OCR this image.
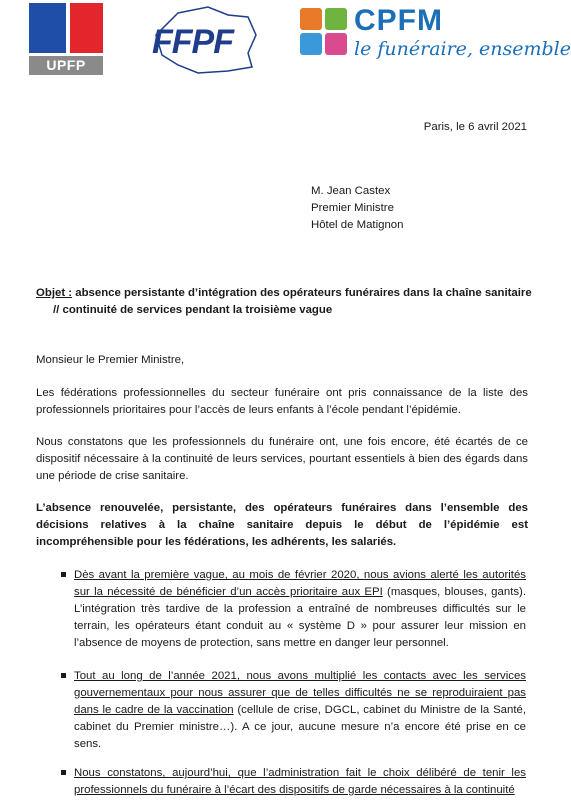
UPFP
FFPF
CPFM
le funéraire, ensemble

Paris, le 6 avril 2021

M. Jean Castex
Premier Ministre
Hôtel de Matignon
Objet : absence persistante d’intégration des opérateurs funéraires dans la chaîne sanitaire
// continuité de services pendant la troisième vague

Monsieur le Premier Ministre,

Les fédérations professionnelles du secteur funéraire ont pris connaissance de la liste des professionnels prioritaires pour l’accès de leurs enfants à l’école pendant l’épidémie.

Nous constatons que les professionnels du funéraire ont, une fois encore, été écartés de ce dispositif nécessaire à la continuité de leurs services, pourtant essentiels à bien des égards dans une période de crise sanitaire.

L’absence renouvelée, persistante, des opérateurs funéraires dans l’ensemble des décisions relatives à la chaîne sanitaire depuis le début de l’épidémie est incompréhensible pour les fédérations, les adhérents, les salariés.

Dès avant la première vague, au mois de février 2020, nous avions alerté les autorités sur la nécessité de bénéficier d’un accès prioritaire aux EPI (masques, blouses, gants). L’intégration très tardive de la profession a entraîné de nombreuses difficultés sur le terrain, les opérateurs étant conduit au « système D » pour assurer leur mission en l’absence de moyens de protection, sans mettre en danger leur personnel.
Tout au long de l’année 2021, nous avons multiplié les contacts avec les services gouvernementaux pour nous assurer que de telles difficultés ne se reproduiraient pas dans le cadre de la vaccination (cellule de crise, DGCL, cabinet du Ministre de la Santé, cabinet du Premier ministre…). A ce jour, aucune mesure n’a encore été prise en ce sens.
Nous constatons, aujourd’hui, que l’administration fait le choix délibéré de tenir les professionnels du funéraire à l’écart des dispositifs de garde nécessaires à la continuité
